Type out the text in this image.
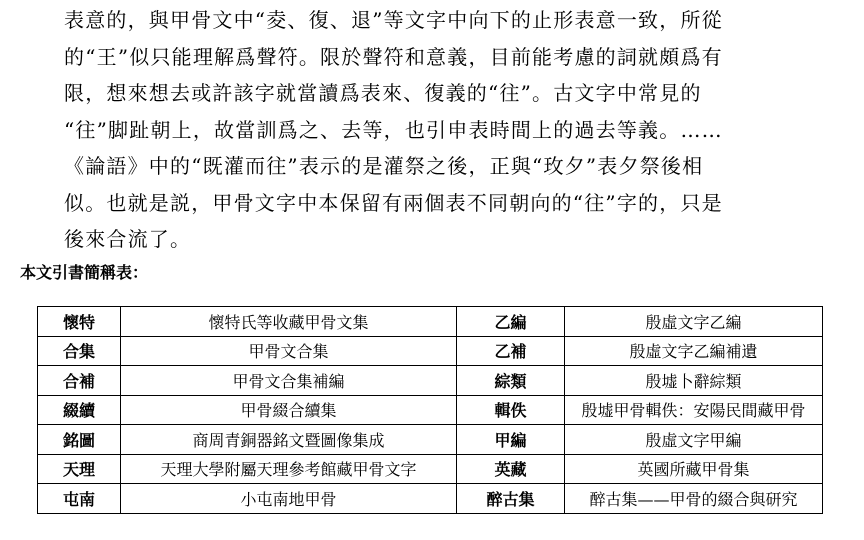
表意的，與甲骨文中“夌、復、退”等文字中向下的止形表意一致，所從
的“王”似只能理解爲聲符。限於聲符和意義，目前能考慮的詞就頗爲有
限，想來想去或許該字就當讀爲表來、復義的“往”。古文字中常見的
“往”脚趾朝上，故當訓爲之、去等，也引申表時間上的過去等義。……
《論語》中的“既灌而往”表示的是灌祭之後，正與“玫夕”表夕祭後相
似。也就是説，甲骨文字中本保留有兩個表不同朝向的“往”字的，只是
後來合流了。
本文引書簡稱表：
懷特	懷特氏等收藏甲骨文集	乙編	殷虛文字乙編
合集	甲骨文合集	乙補	殷虛文字乙編補遺
合補	甲骨文合集補編	綜類	殷墟卜辭綜類
綴續	甲骨綴合續集	輯佚	殷墟甲骨輯佚：安陽民間藏甲骨
銘圖	商周青銅器銘文暨圖像集成	甲編	殷虛文字甲編
天理	天理大學附屬天理參考館藏甲骨文字	英藏	英國所藏甲骨集
屯南	小屯南地甲骨	醉古集	醉古集——甲骨的綴合與研究
